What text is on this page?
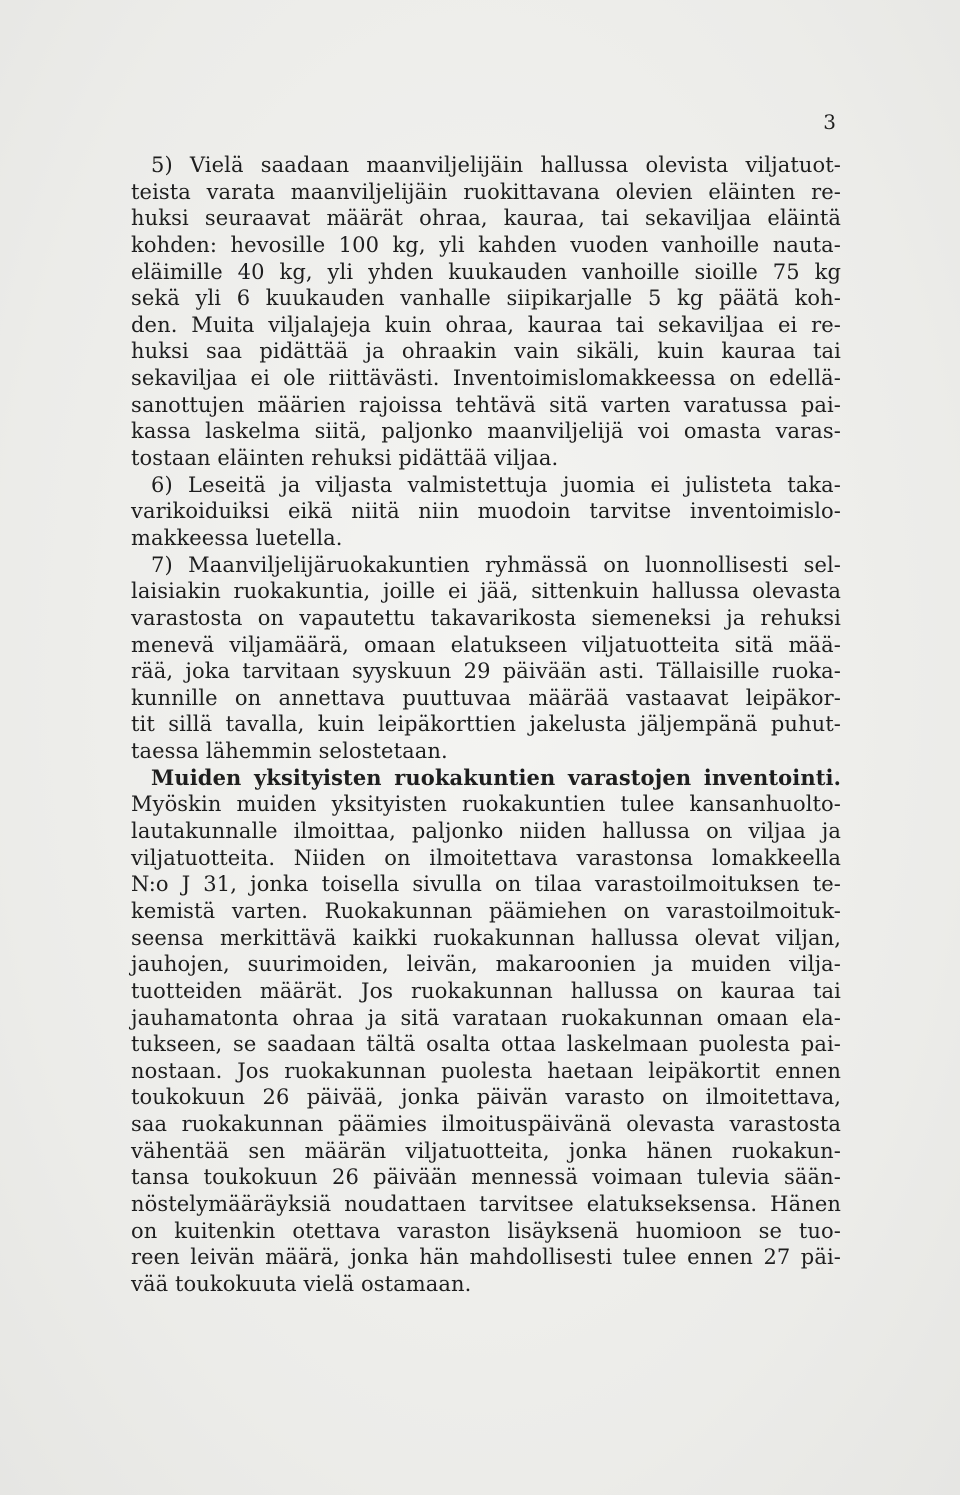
3
5) Vielä saadaan maanviljelijäin hallussa olevista viljatuot-
teista varata maanviljelijäin ruokittavana olevien eläinten re-
huksi seuraavat määrät ohraa, kauraa, tai sekaviljaa eläintä
kohden: hevosille 100 kg, yli kahden vuoden vanhoille nauta-
eläimille 40 kg, yli yhden kuukauden vanhoille sioille 75 kg
sekä yli 6 kuukauden vanhalle siipikarjalle 5 kg päätä koh-
den. Muita viljalajeja kuin ohraa, kauraa tai sekaviljaa ei re-
huksi saa pidättää ja ohraakin vain sikäli, kuin kauraa tai
sekaviljaa ei ole riittävästi. Inventoimislomakkeessa on edellä-
sanottujen määrien rajoissa tehtävä sitä varten varatussa pai-
kassa laskelma siitä, paljonko maanviljelijä voi omasta varas-
tostaan eläinten rehuksi pidättää viljaa.
6) Leseitä ja viljasta valmistettuja juomia ei julisteta taka-
varikoiduiksi eikä niitä niin muodoin tarvitse inventoimislo-
makkeessa luetella.
7) Maanviljelijäruokakuntien ryhmässä on luonnollisesti sel-
laisiakin ruokakuntia, joille ei jää, sittenkuin hallussa olevasta
varastosta on vapautettu takavarikosta siemeneksi ja rehuksi
menevä viljamäärä, omaan elatukseen viljatuotteita sitä mää-
rää, joka tarvitaan syyskuun 29 päivään asti. Tällaisille ruoka-
kunnille on annettava puuttuvaa määrää vastaavat leipäkor-
tit sillä tavalla, kuin leipäkorttien jakelusta jäljempänä puhut-
taessa lähemmin selostetaan.
Muiden yksityisten ruokakuntien varastojen inventointi.
Myöskin muiden yksityisten ruokakuntien tulee kansanhuolto-
lautakunnalle ilmoittaa, paljonko niiden hallussa on viljaa ja
viljatuotteita. Niiden on ilmoitettava varastonsa lomakkeella
N:o J 31, jonka toisella sivulla on tilaa varastoilmoituksen te-
kemistä varten. Ruokakunnan päämiehen on varastoilmoituk-
seensa merkittävä kaikki ruokakunnan hallussa olevat viljan,
jauhojen, suurimoiden, leivän, makaroonien ja muiden vilja-
tuotteiden määrät. Jos ruokakunnan hallussa on kauraa tai
jauhamatonta ohraa ja sitä varataan ruokakunnan omaan ela-
tukseen, se saadaan tältä osalta ottaa laskelmaan puolesta pai-
nostaan. Jos ruokakunnan puolesta haetaan leipäkortit ennen
toukokuun 26 päivää, jonka päivän varasto on ilmoitettava,
saa ruokakunnan päämies ilmoituspäivänä olevasta varastosta
vähentää sen määrän viljatuotteita, jonka hänen ruokakun-
tansa toukokuun 26 päivään mennessä voimaan tulevia sään-
nöstelymääräyksiä noudattaen tarvitsee elatukseksensa. Hänen
on kuitenkin otettava varaston lisäyksenä huomioon se tuo-
reen leivän määrä, jonka hän mahdollisesti tulee ennen 27 päi-
vää toukokuuta vielä ostamaan.
